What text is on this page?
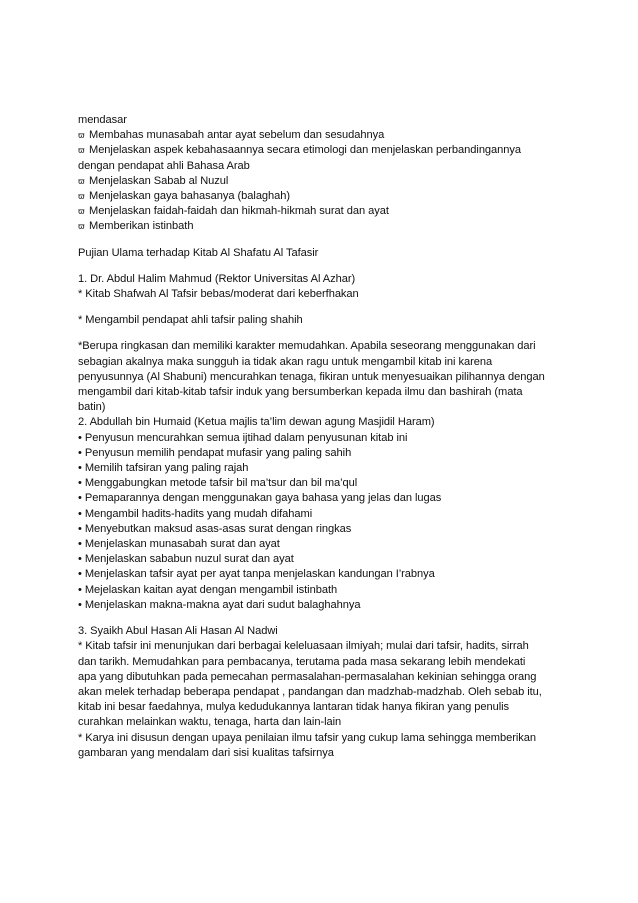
mendasar
ϖ Membahas munasabah antar ayat sebelum dan sesudahnya
ϖ Menjelaskan aspek kebahasaannya secara etimologi dan menjelaskan perbandingannya
dengan pendapat ahli Bahasa Arab
ϖ Menjelaskan Sabab al Nuzul
ϖ Menjelaskan gaya bahasanya (balaghah)
ϖ Menjelaskan faidah-faidah dan hikmah-hikmah surat dan ayat
ϖ Memberikan istinbath
Pujian Ulama terhadap Kitab Al Shafatu Al Tafasir
1. Dr. Abdul Halim Mahmud (Rektor Universitas Al Azhar)
* Kitab Shafwah Al Tafsir bebas/moderat dari keberfhakan
* Mengambil pendapat ahli tafsir paling shahih
*Berupa ringkasan dan memiliki karakter memudahkan. Apabila seseorang menggunakan dari
sebagian akalnya maka sungguh ia tidak akan ragu untuk mengambil kitab ini karena
penyusunnya (Al Shabuni) mencurahkan tenaga, fikiran untuk menyesuaikan pilihannya dengan
mengambil dari kitab-kitab tafsir induk yang bersumberkan kepada ilmu dan bashirah (mata
batin)
2. Abdullah bin Humaid (Ketua majlis ta’lim dewan agung Masjidil Haram)
• Penyusun mencurahkan semua ijtihad dalam penyusunan kitab ini
• Penyusun memilih pendapat mufasir yang paling sahih
• Memilih tafsiran yang paling rajah
• Menggabungkan metode tafsir bil ma’tsur dan bil ma’qul
• Pemaparannya dengan menggunakan gaya bahasa yang jelas dan lugas
• Mengambil hadits-hadits yang mudah difahami
• Menyebutkan maksud asas-asas surat dengan ringkas
• Menjelaskan munasabah surat dan ayat
• Menjelaskan sababun nuzul surat dan ayat
• Menjelaskan tafsir ayat per ayat tanpa menjelaskan kandungan I’rabnya
• Mejelaskan kaitan ayat dengan mengambil istinbath
• Menjelaskan makna-makna ayat dari sudut balaghahnya
3. Syaikh Abul Hasan Ali Hasan Al Nadwi
* Kitab tafsir ini menunjukan dari berbagai keleluasaan ilmiyah; mulai dari tafsir, hadits, sirrah
dan tarikh. Memudahkan para pembacanya, terutama pada masa sekarang lebih mendekati
apa yang dibutuhkan pada pemecahan permasalahan-permasalahan kekinian sehingga orang
akan melek terhadap beberapa pendapat , pandangan dan madzhab-madzhab. Oleh sebab itu,
kitab ini besar faedahnya, mulya kedudukannya lantaran tidak hanya fikiran yang penulis
curahkan melainkan waktu, tenaga, harta dan lain-lain
* Karya ini disusun dengan upaya penilaian ilmu tafsir yang cukup lama sehingga memberikan
gambaran yang mendalam dari sisi kualitas tafsirnya
